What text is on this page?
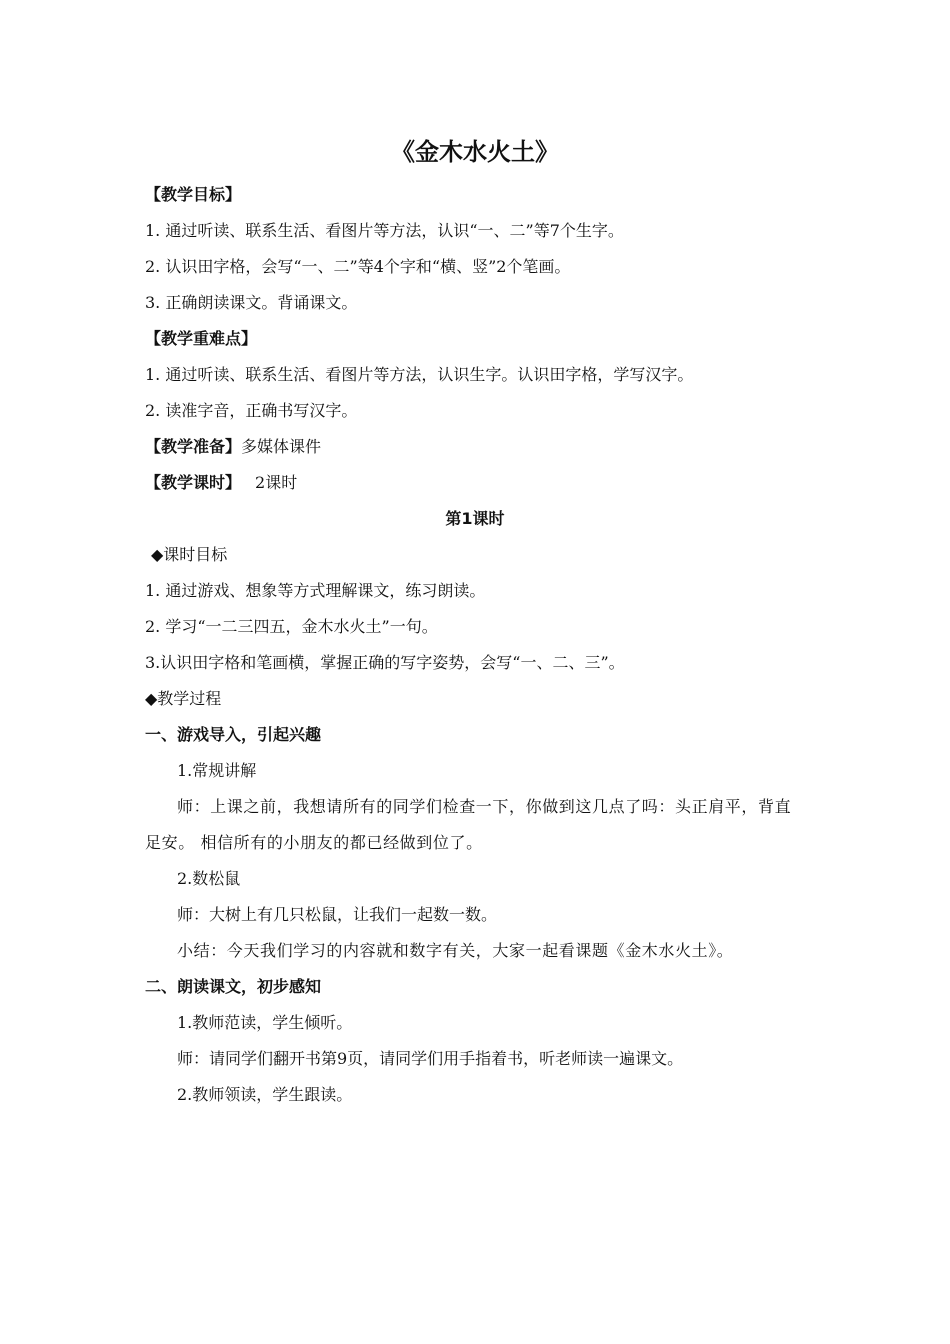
《金木水火土》
【教学目标】
1. 通过听读、联系生活、看图片等方法，认识“一、二”等7个生字。
2. 认识田字格，会写“一、二”等4个字和“横、竖”2个笔画。
3. 正确朗读课文。背诵课文。
【教学重难点】
1. 通过听读、联系生活、看图片等方法，认识生字。认识田字格，学写汉字。
2. 读准字音，正确书写汉字。
【教学准备】多媒体课件
【教学课时】 2课时
第1课时
◆课时目标
1. 通过游戏、想象等方式理解课文，练习朗读。
2. 学习“一二三四五，金木水火土”一句。
3.认识田字格和笔画横，掌握正确的写字姿势，会写“一、二、三”。
◆教学过程
一、游戏导入，引起兴趣
1.常规讲解
师：上课之前，我想请所有的同学们检查一下，你做到这几点了吗：头正肩平，背直足安。 相信所有的小朋友的都已经做到位了。
2.数松鼠
师：大树上有几只松鼠，让我们一起数一数。
小结：今天我们学习的内容就和数字有关，大家一起看课题《金木水火土》。
二、朗读课文，初步感知
1.教师范读，学生倾听。
师：请同学们翻开书第9页，请同学们用手指着书，听老师读一遍课文。
2.教师领读，学生跟读。
